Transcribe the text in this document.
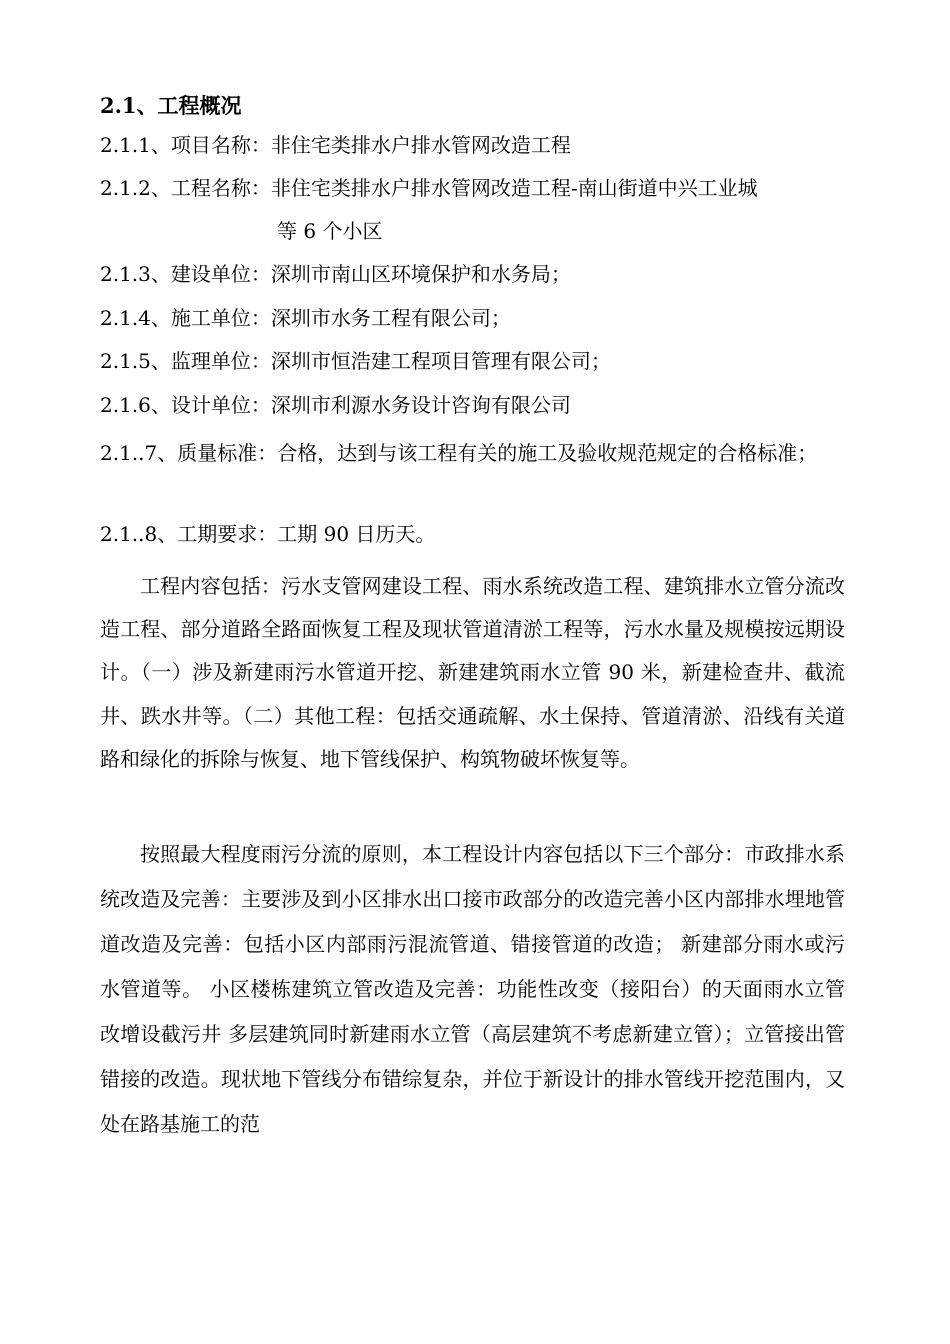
2.1、工程概况
2.1.1、项目名称：非住宅类排水户排水管网改造工程
2.1.2、工程名称：非住宅类排水户排水管网改造工程-南山街道中兴工业城
等 6 个小区
2.1.3、建设单位：深圳市南山区环境保护和水务局；
2.1.4、施工单位：深圳市水务工程有限公司；
2.1.5、监理单位：深圳市恒浩建工程项目管理有限公司；
2.1.6、设计单位：深圳市利源水务设计咨询有限公司
2.1..7、质量标准：合格，达到与该工程有关的施工及验收规范规定的合格标准；
2.1..8、工期要求：工期 90 日历天。
工程内容包括：污水支管网建设工程、雨水系统改造工程、建筑排水立管分流改造工程、部分道路全路面恢复工程及现状管道清淤工程等，污水水量及规模按远期设计。（一）涉及新建雨污水管道开挖、新建建筑雨水立管 90 米，新建检查井、截流井、跌水井等。（二）其他工程：包括交通疏解、水土保持、管道清淤、沿线有关道路和绿化的拆除与恢复、地下管线保护、构筑物破坏恢复等。
按照最大程度雨污分流的原则，本工程设计内容包括以下三个部分：市政排水系统改造及完善：主要涉及到小区排水出口接市政部分的改造完善小区内部排水埋地管道改造及完善：包括小区内部雨污混流管道、错接管道的改造； 新建部分雨水或污水管道等。 小区楼栋建筑立管改造及完善：功能性改变（接阳台）的天面雨水立管改增设截污井 多层建筑同时新建雨水立管（高层建筑不考虑新建立管）；立管接出管错接的改造。现状地下管线分布错综复杂，并位于新设计的排水管线开挖范围内，又处在路基施工的范
